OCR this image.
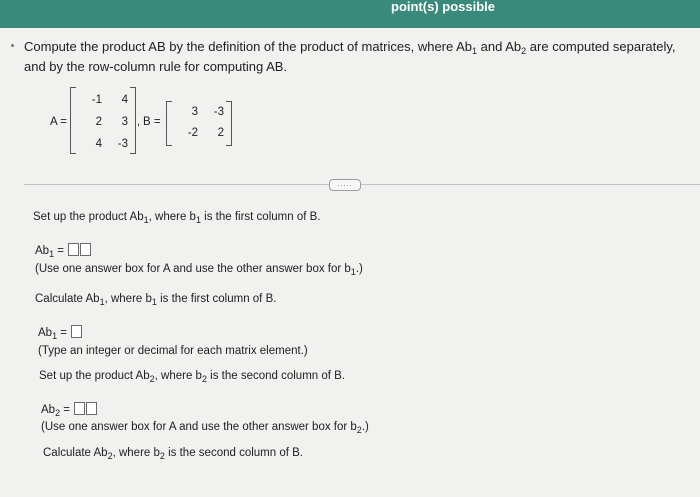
point(s) possible
Compute the product AB by the definition of the product of matrices, where $Ab_1$ and $Ab_2$ are computed separately, and by the row-column rule for computing AB.
A =
-1	4
2	3
4	-3
, B =
3	-3
-2	2
.....
Set up the product $Ab_1$, where $b_1$ is the first column of B.
$Ab_1$ =
(Use one answer box for A and use the other answer box for $b_1$.)
Calculate $Ab_1$, where $b_1$ is the first column of B.
$Ab_1$ =
(Type an integer or decimal for each matrix element.)
Set up the product $Ab_2$, where $b_2$ is the second column of B.
$Ab_2$ =
(Use one answer box for A and use the other answer box for $b_2$.)
Calculate $Ab_2$, where $b_2$ is the second column of B.
